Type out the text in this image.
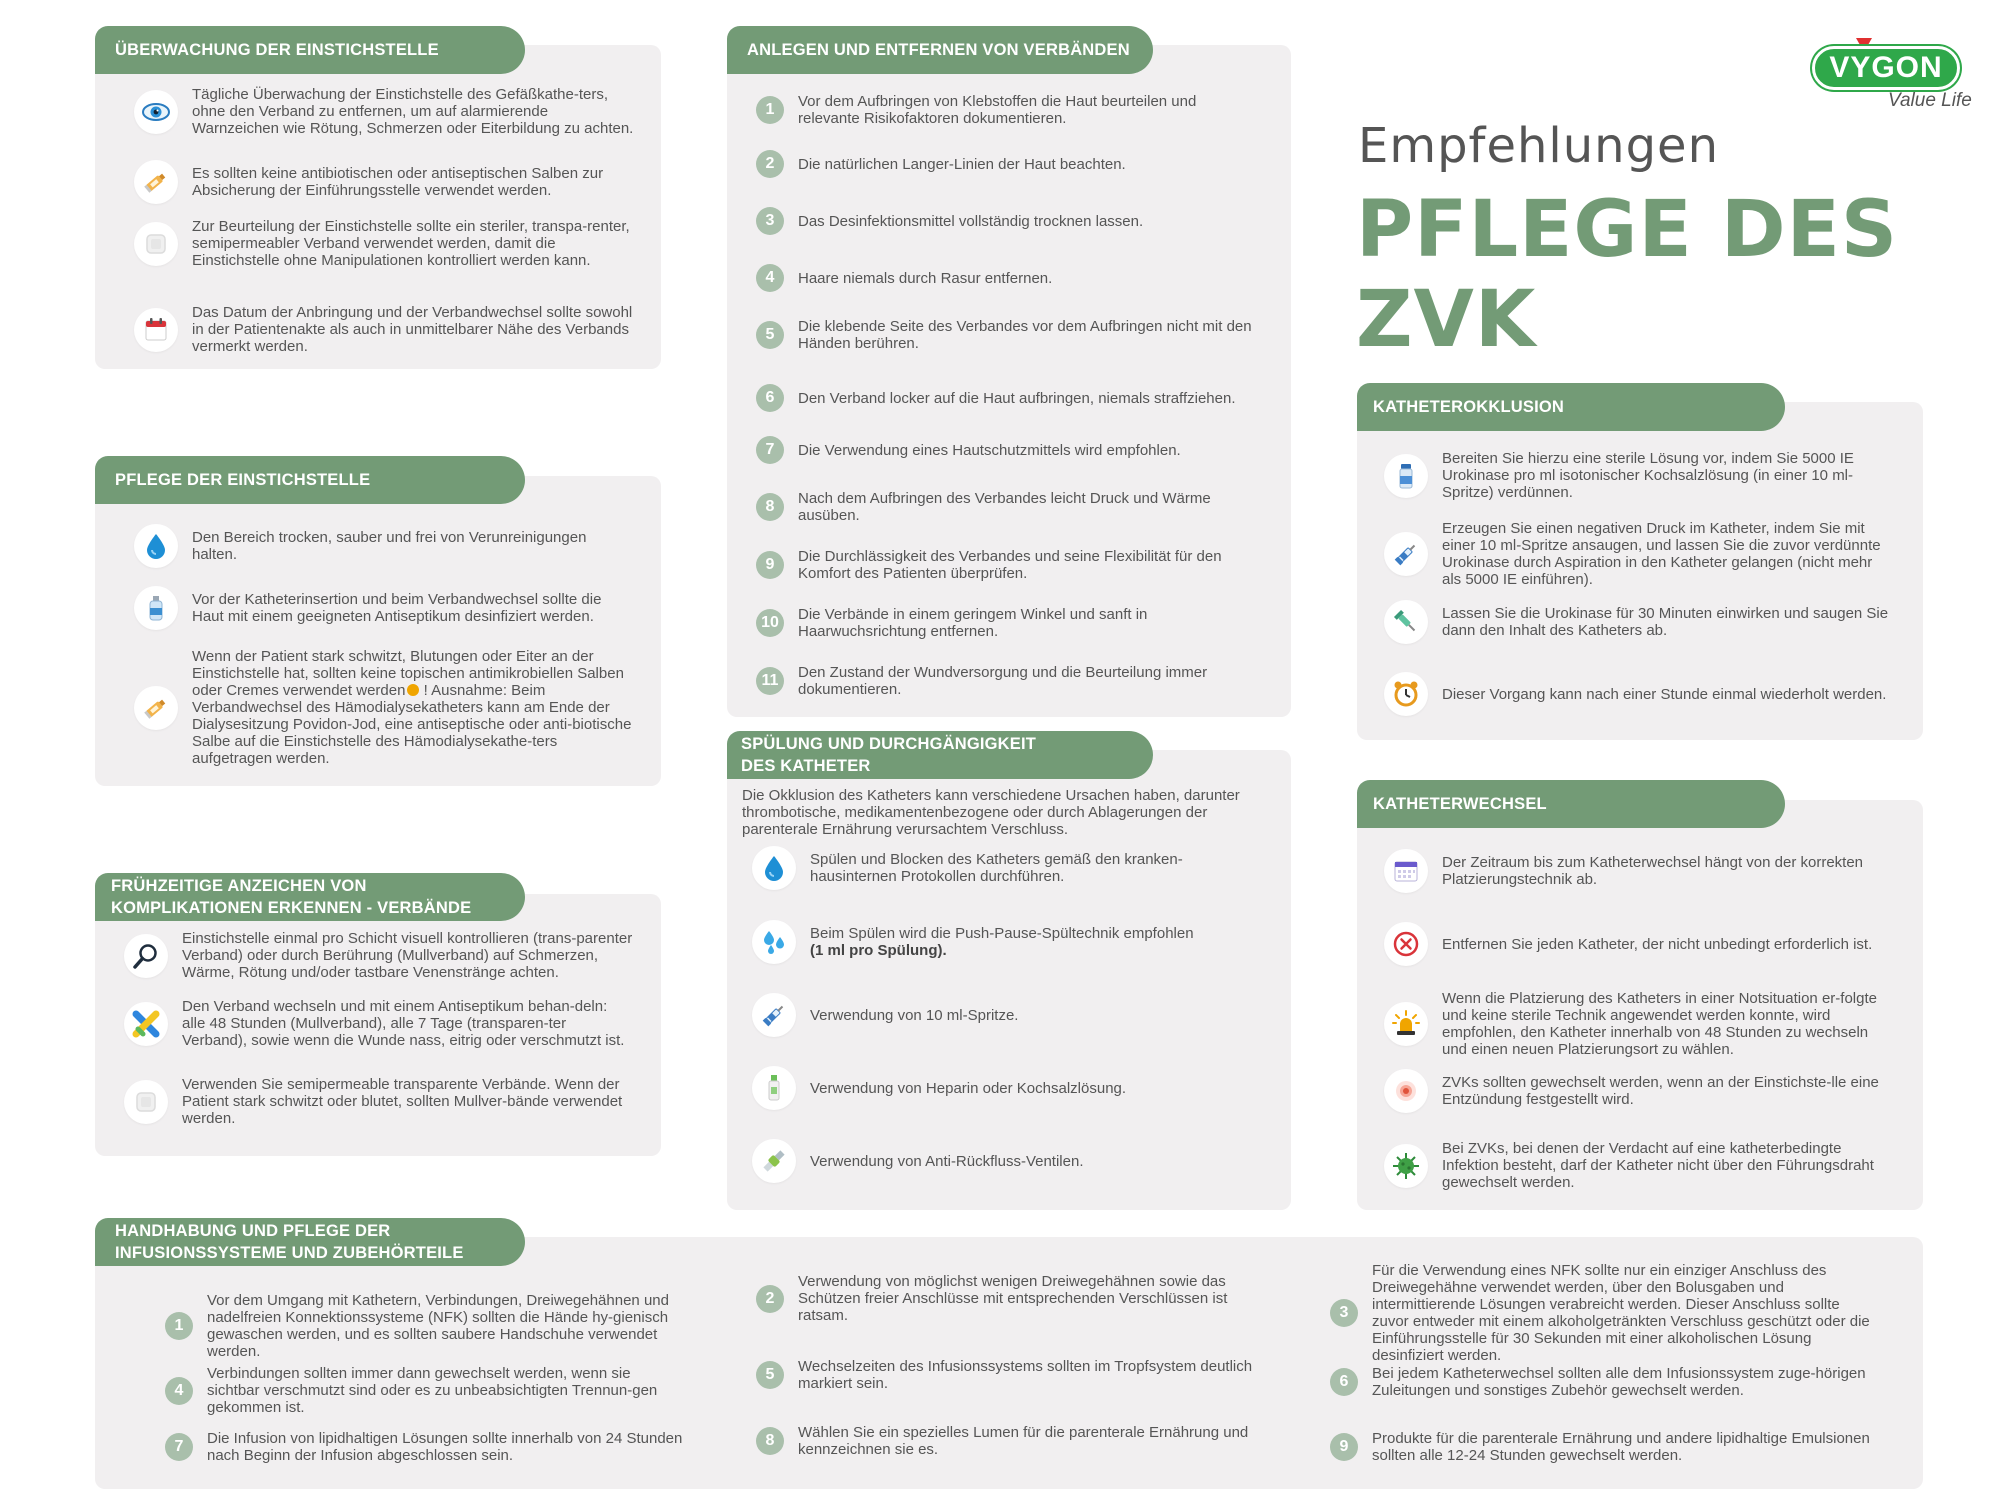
VYGON
Value Life
Empfehlungen
PFLEGE DES ZVK
ÜBERWACHUNG DER EINSTICHSTELLE
Tägliche Überwachung der Einstichstelle des Gefäßkathe-ters, ohne den Verband zu entfernen, um auf alarmierende Warnzeichen wie Rötung, Schmerzen oder Eiterbildung zu achten.
Es sollten keine antibiotischen oder antiseptischen Salben zur Absicherung der Einführungsstelle verwendet werden.
Zur Beurteilung der Einstichstelle sollte ein steriler, transpa-renter, semipermeabler Verband verwendet werden, damit die Einstichstelle ohne Manipulationen kontrolliert werden kann.
Das Datum der Anbringung und der Verbandwechsel sollte sowohl in der Patientenakte als auch in unmittelbarer Nähe des Verbands vermerkt werden.
PFLEGE DER EINSTICHSTELLE
Den Bereich trocken, sauber und frei von Verunreinigungen halten.
Vor der Katheterinsertion und beim Verbandwechsel sollte die Haut mit einem geeigneten Antiseptikum desinfiziert werden.
Wenn der Patient stark schwitzt, Blutungen oder Eiter an der Einstichstelle hat, sollten keine topischen antimikrobiellen Salben oder Cremes verwendet werden ! Ausnahme: Beim Verbandwechsel des Hämodialysekatheters kann am Ende der Dialysesitzung Povidon-Jod, eine antiseptische oder anti-biotische Salbe auf die Einstichstelle des Hämodialysekathe-ters aufgetragen werden.
FRÜHZEITIGE ANZEICHEN VON
KOMPLIKATIONEN ERKENNEN - VERBÄNDE
Einstichstelle einmal pro Schicht visuell kontrollieren (trans-parenter Verband) oder durch Berührung (Mullverband) auf Schmerzen, Wärme, Rötung und/oder tastbare Venenstränge achten.
Den Verband wechseln und mit einem Antiseptikum behan-deln: alle 48 Stunden (Mullverband), alle 7 Tage (transparen-ter Verband), sowie wenn die Wunde nass, eitrig oder verschmutzt ist.
Verwenden Sie semipermeable transparente Verbände. Wenn der Patient stark schwitzt oder blutet, sollten Mullver-bände verwendet werden.
ANLEGEN UND ENTFERNEN VON VERBÄNDEN
1	Vor dem Aufbringen von Klebstoffen die Haut beurteilen und relevante Risikofaktoren dokumentieren.
2	Die natürlichen Langer-Linien der Haut beachten.
3	Das Desinfektionsmittel vollständig trocknen lassen.
4	Haare niemals durch Rasur entfernen.
5	Die klebende Seite des Verbandes vor dem Aufbringen nicht mit den Händen berühren.
6	Den Verband locker auf die Haut aufbringen, niemals straffziehen.
7	Die Verwendung eines Hautschutzmittels wird empfohlen.
8	Nach dem Aufbringen des Verbandes leicht Druck und Wärme ausüben.
9	Die Durchlässigkeit des Verbandes und seine Flexibilität für den Komfort des Patienten überprüfen.
10	Die Verbände in einem geringem Winkel und sanft in Haarwuchsrichtung entfernen.
11	Den Zustand der Wundversorgung und die Beurteilung immer dokumentieren.
SPÜLUNG UND DURCHGÄNGIGKEIT
DES KATHETER
Die Okklusion des Katheters kann verschiedene Ursachen haben, darunter thrombotische, medikamentenbezogene oder durch Ablagerungen der parenterale Ernährung verursachtem Verschluss.
Spülen und Blocken des Katheters gemäß den kranken-hausinternen Protokollen durchführen.
Beim Spülen wird die Push-Pause-Spültechnik empfohlen
(1 ml pro Spülung).
Verwendung von 10 ml-Spritze.
Verwendung von Heparin oder Kochsalzlösung.
Verwendung von Anti-Rückfluss-Ventilen.
KATHETEROKKLUSION
Bereiten Sie hierzu eine sterile Lösung vor, indem Sie 5000 IE Urokinase pro ml isotonischer Kochsalzlösung (in einer 10 ml-Spritze) verdünnen.
Erzeugen Sie einen negativen Druck im Katheter, indem Sie mit einer 10 ml-Spritze ansaugen, und lassen Sie die zuvor verdünnte Urokinase durch Aspiration in den Katheter gelangen (nicht mehr als 5000 IE einführen).
Lassen Sie die Urokinase für 30 Minuten einwirken und saugen Sie dann den Inhalt des Katheters ab.
Dieser Vorgang kann nach einer Stunde einmal wiederholt werden.
KATHETERWECHSEL
Der Zeitraum bis zum Katheterwechsel hängt von der korrekten Platzierungstechnik ab.
Entfernen Sie jeden Katheter, der nicht unbedingt erforderlich ist.
Wenn die Platzierung des Katheters in einer Notsituation er-folgte und keine sterile Technik angewendet werden konnte, wird empfohlen, den Katheter innerhalb von 48 Stunden zu wechseln und einen neuen Platzierungsort zu wählen.
ZVKs sollten gewechselt werden, wenn an der Einstichste-lle eine Entzündung festgestellt wird.
Bei ZVKs, bei denen der Verdacht auf eine katheterbedingte Infektion besteht, darf der Katheter nicht über den Führungsdraht gewechselt werden.
HANDHABUNG UND PFLEGE DER
INFUSIONSSYSTEME UND ZUBEHÖRTEILE
1
Vor dem Umgang mit Kathetern, Verbindungen, Dreiwegehähnen und nadelfreien Konnektionssysteme (NFK) sollten die Hände hy-gienisch gewaschen werden, und es sollten saubere Handschuhe verwendet werden.
2
Verwendung von möglichst wenigen Dreiwegehähnen sowie das Schützen freier Anschlüsse mit entsprechenden Verschlüssen ist ratsam.	3
Für die Verwendung eines NFK sollte nur ein einziger Anschluss des Dreiwegehähne verwendet werden, über den Bolusgaben und intermittierende Lösungen verabreicht werden. Dieser Anschluss sollte zuvor entweder mit einem alkoholgetränkten Verschluss geschützt oder die Einführungsstelle für 30 Sekunden mit einer alkoholischen Lösung desinfiziert werden.
4
Verbindungen sollten immer dann gewechselt werden, wenn sie sichtbar verschmutzt sind oder es zu unbeabsichtigten Trennun-gen gekommen ist.
5	Wechselzeiten des Infusionssystems sollten im Tropfsystem deutlich markiert sein.	6	Bei jedem Katheterwechsel sollten alle dem Infusionssystem zuge-hörigen Zuleitungen und sonstiges Zubehör gewechselt werden.
7	Die Infusion von lipidhaltigen Lösungen sollte innerhalb von 24 Stunden nach Beginn der Infusion abgeschlossen sein.
8	Wählen Sie ein spezielles Lumen für die parenterale Ernährung und kennzeichnen sie es.	9	Produkte für die parenterale Ernährung und andere lipidhaltige Emulsionen sollten alle 12-24 Stunden gewechselt werden.
